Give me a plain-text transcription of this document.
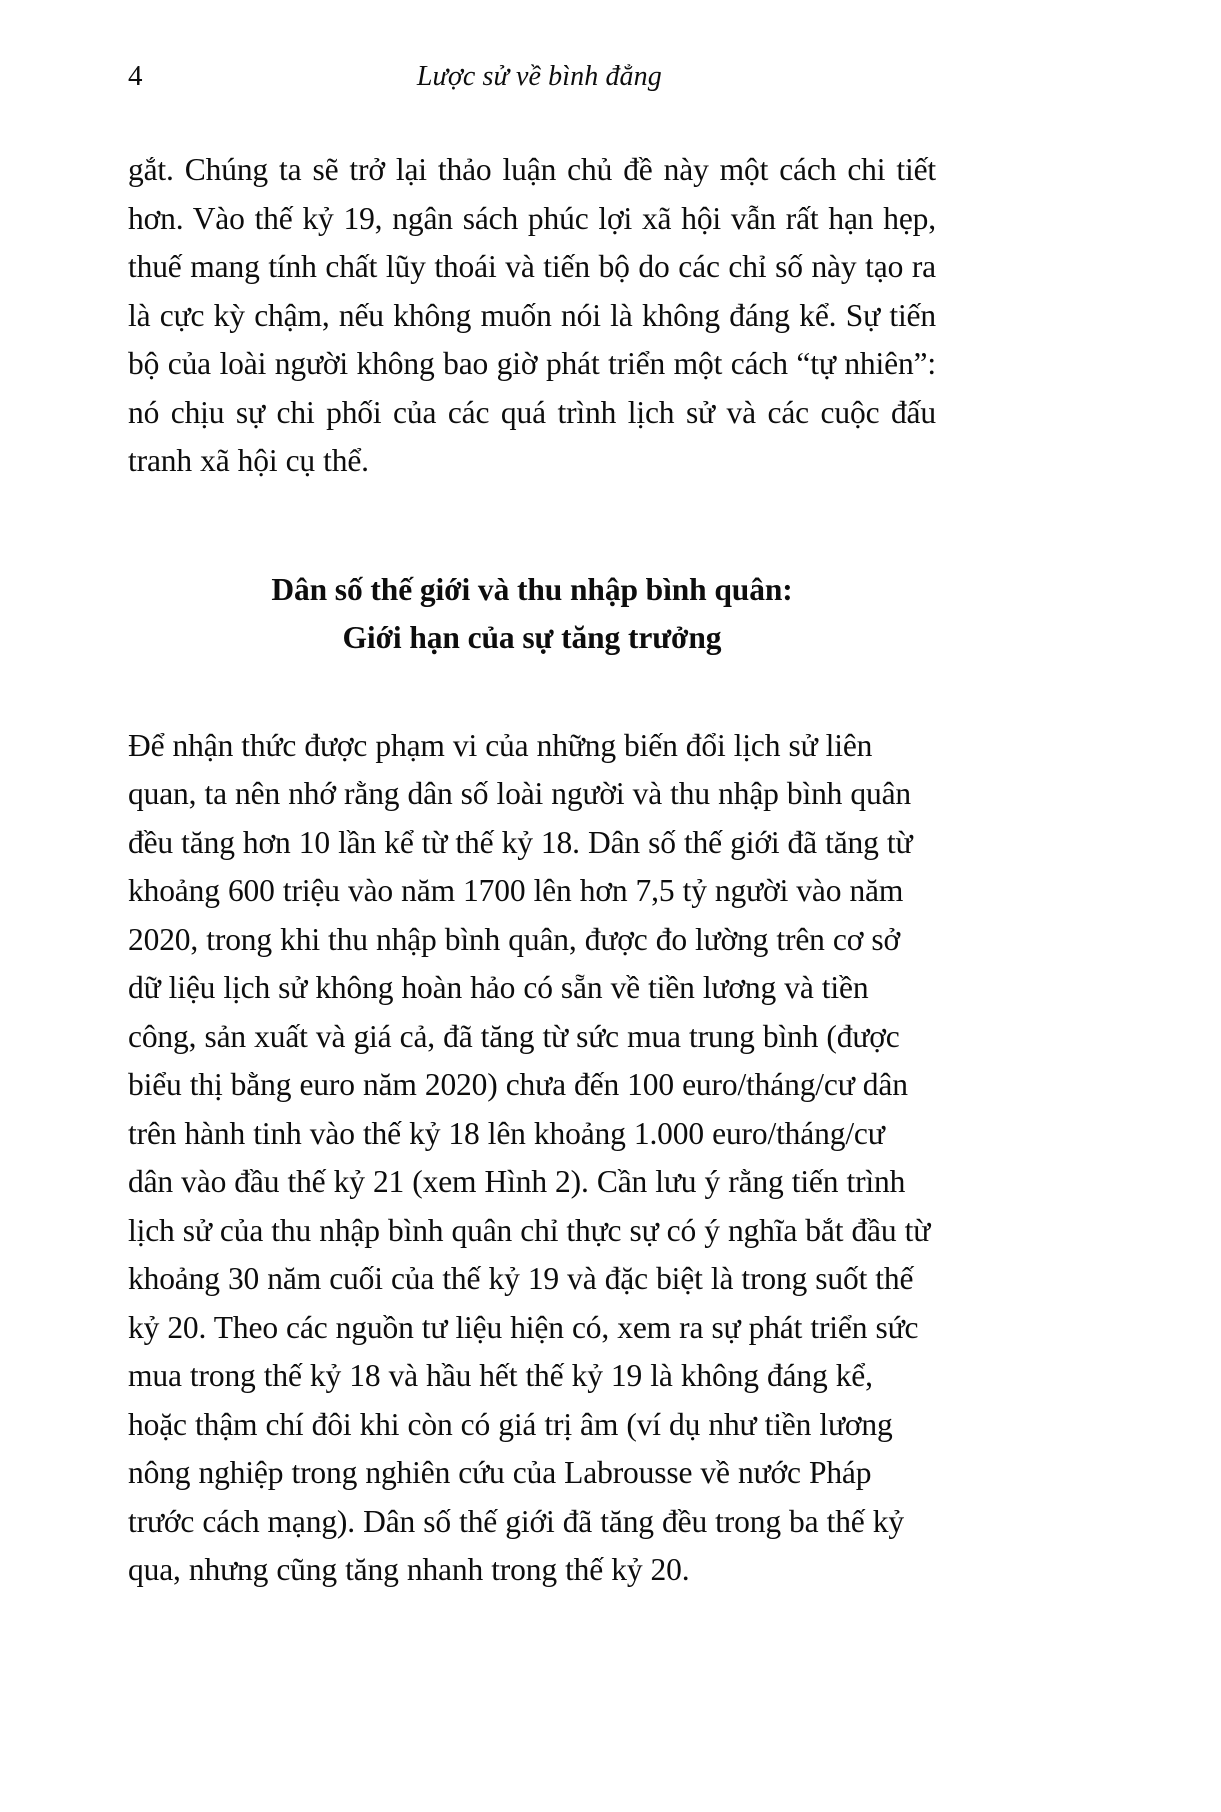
4	Lược sử về bình đẳng

gắt. Chúng ta sẽ trở lại thảo luận chủ đề này một cách chi tiết hơn. Vào thế kỷ 19, ngân sách phúc lợi xã hội vẫn rất hạn hẹp, thuế mang tính chất lũy thoái và tiến bộ do các chỉ số này tạo ra là cực kỳ chậm, nếu không muốn nói là không đáng kể. Sự tiến bộ của loài người không bao giờ phát triển một cách “tự nhiên”: nó chịu sự chi phối của các quá trình lịch sử và các cuộc đấu tranh xã hội cụ thể.

Dân số thế giới và thu nhập bình quân:
Giới hạn của sự tăng trưởng

Để nhận thức được phạm vi của những biến đổi lịch sử liên quan, ta nên nhớ rằng dân số loài người và thu nhập bình quân đều tăng hơn 10 lần kể từ thế kỷ 18. Dân số thế giới đã tăng từ khoảng 600 triệu vào năm 1700 lên hơn 7,5 tỷ người vào năm 2020, trong khi thu nhập bình quân, được đo lường trên cơ sở dữ liệu lịch sử không hoàn hảo có sẵn về tiền lương và tiền công, sản xuất và giá cả, đã tăng từ sức mua trung bình (được biểu thị bằng euro năm 2020) chưa đến 100 euro/tháng/cư dân trên hành tinh vào thế kỷ 18 lên khoảng 1.000 euro/tháng/cư dân vào đầu thế kỷ 21 (xem Hình 2). Cần lưu ý rằng tiến trình lịch sử của thu nhập bình quân chỉ thực sự có ý nghĩa bắt đầu từ khoảng 30 năm cuối của thế kỷ 19 và đặc biệt là trong suốt thế kỷ 20. Theo các nguồn tư liệu hiện có, xem ra sự phát triển sức mua trong thế kỷ 18 và hầu hết thế kỷ 19 là không đáng kể, hoặc thậm chí đôi khi còn có giá trị âm (ví dụ như tiền lương nông nghiệp trong nghiên cứu của Labrousse về nước Pháp trước cách mạng). Dân số thế giới đã tăng đều trong ba thế kỷ qua, nhưng cũng tăng nhanh trong thế kỷ 20.
